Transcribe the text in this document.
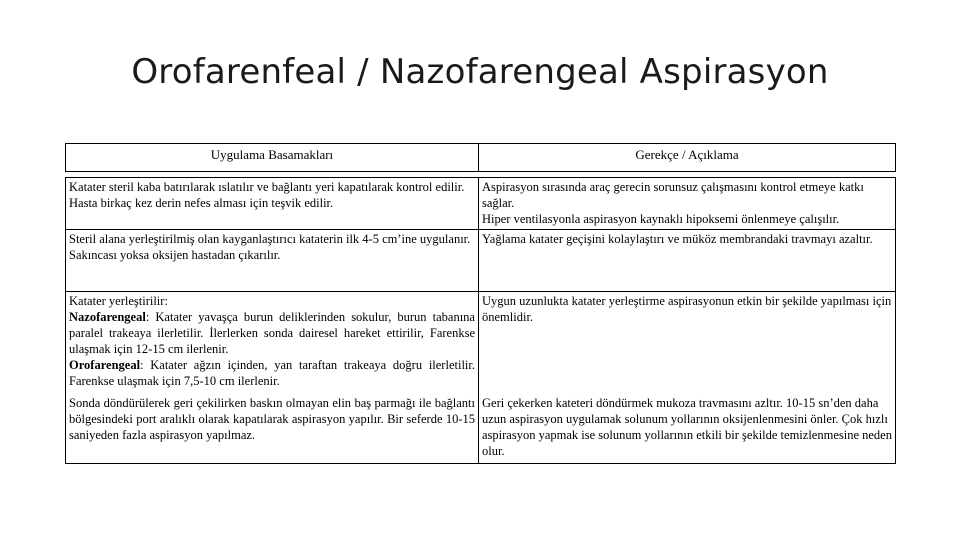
Orofarenfeal / Nazofarengeal Aspirasyon
Uygulama Basamakları	Gerekçe / Açıklama

Katater steril kaba batırılarak ıslatılır ve bağlantı yeri kapatılarak kontrol edilir.
Hasta birkaç kez derin nefes alması için teşvik edilir.	Aspirasyon sırasında araç gerecin sorunsuz çalışmasını kontrol etmeye katkı sağlar.
Hiper ventilasyonla aspirasyon kaynaklı hipoksemi önlenmeye çalışılır.

Steril alana yerleştirilmiş olan kayganlaştırıcı kataterin ilk 4-5 cm’ine uygulanır.
Sakıncası yoksa oksijen hastadan çıkarılır.	Yağlama katater geçişini kolaylaştırı ve müköz membrandaki travmayı azaltır.

Katater yerleştirilir:
Nazofarengeal: Katater yavaşça burun deliklerinden sokulur, burun tabanına paralel trakeaya ilerletilir. İlerlerken sonda dairesel hareket ettirilir, Farenkse ulaşmak için 12-15 cm ilerlenir.
Orofarengeal: Katater ağzın içinden, yan taraftan trakeaya doğru ilerletilir. Farenkse ulaşmak için 7,5-10 cm ilerlenir.	Uygun uzunlukta katater yerleştirme aspirasyonun etkin bir şekilde yapılması için önemlidir.

Sonda döndürülerek geri çekilirken baskın olmayan elin baş parmağı ile bağlantı bölgesindeki port aralıklı olarak kapatılarak aspirasyon yapılır. Bir seferde 10-15 saniyeden fazla aspirasyon yapılmaz.	Geri çekerken kateteri döndürmek mukoza travmasını azltır. 10-15 sn’den daha uzun aspirasyon uygulamak solunum yollarının oksijenlenmesini önler. Çok hızlı aspirasyon yapmak ise solunum yollarının etkili bir şekilde temizlenmesine neden olur.
